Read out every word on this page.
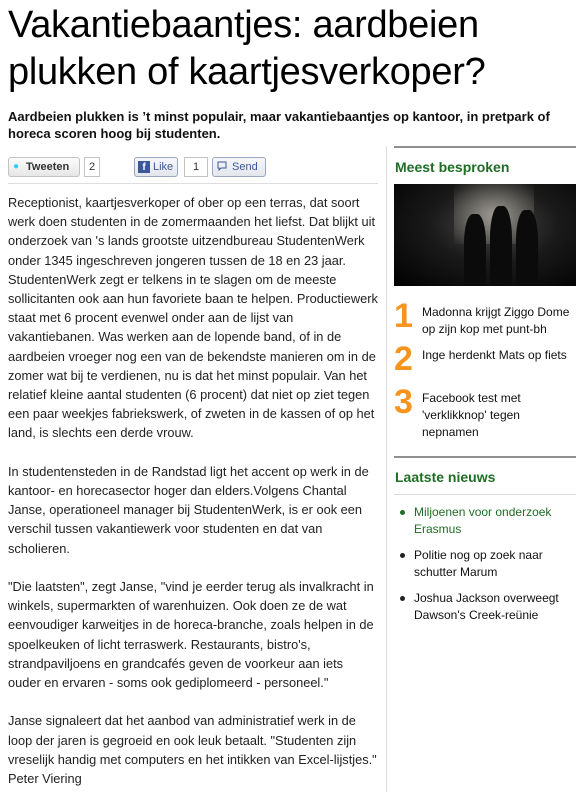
Vakantiebaantjes: aardbeien plukken of kaartjesverkoper?

Aardbeien plukken is ’t minst populair, maar vakantiebaantjes op kantoor, in pretpark of horeca scoren hoog bij studenten.

● Tweeten	2	f Like	1	Send

Receptionist, kaartjesverkoper of ober op een terras, dat soort werk doen studenten in de zomermaanden het liefst. Dat blijkt uit onderzoek van 's lands grootste uitzendbureau StudentenWerk onder 1345 ingeschreven jongeren tussen de 18 en 23 jaar. StudentenWerk zegt er telkens in te slagen om de meeste sollicitanten ook aan hun favoriete baan te helpen. Productiewerk staat met 6 procent evenwel onder aan de lijst van vakantiebanen. Was werken aan de lopende band, of in de aardbeien vroeger nog een van de bekendste manieren om in de zomer wat bij te verdienen, nu is dat het minst populair. Van het relatief kleine aantal studenten (6 procent) dat niet op ziet tegen een paar weekjes fabriekswerk, of zweten in de kassen of op het land, is slechts een derde vrouw.

In studentensteden in de Randstad ligt het accent op werk in de kantoor- en horecasector hoger dan elders.Volgens Chantal Janse, operationeel manager bij StudentenWerk, is er ook een verschil tussen vakantiewerk voor studenten en dat van scholieren.

"Die laatsten", zegt Janse, "vind je eerder terug als invalkracht in winkels, supermarkten of warenhuizen. Ook doen ze de wat eenvoudiger karweitjes in de horeca-branche, zoals helpen in de spoelkeuken of licht terraswerk. Restaurants, bistro's, strandpaviljoens en grandcafés geven de voorkeur aan iets ouder en ervaren - soms ook gediplomeerd - personeel."

Janse signaleert dat het aanbod van administratief werk in de loop der jaren is gegroeid en ook leuk betaalt. "Studenten zijn vreselijk handig met computers en het intikken van Excel-lijstjes."

Peter Viering
Meest besproken
1 Madonna krijgt Ziggo Dome op zijn kop met punt-bh
2 Inge herdenkt Mats op fiets
3 Facebook test met 'verklikknop' tegen nepnamen
Laatste nieuws
Miljoenen voor onderzoek Erasmus
Politie nog op zoek naar schutter Marum
Joshua Jackson overweegt Dawson's Creek-reünie
